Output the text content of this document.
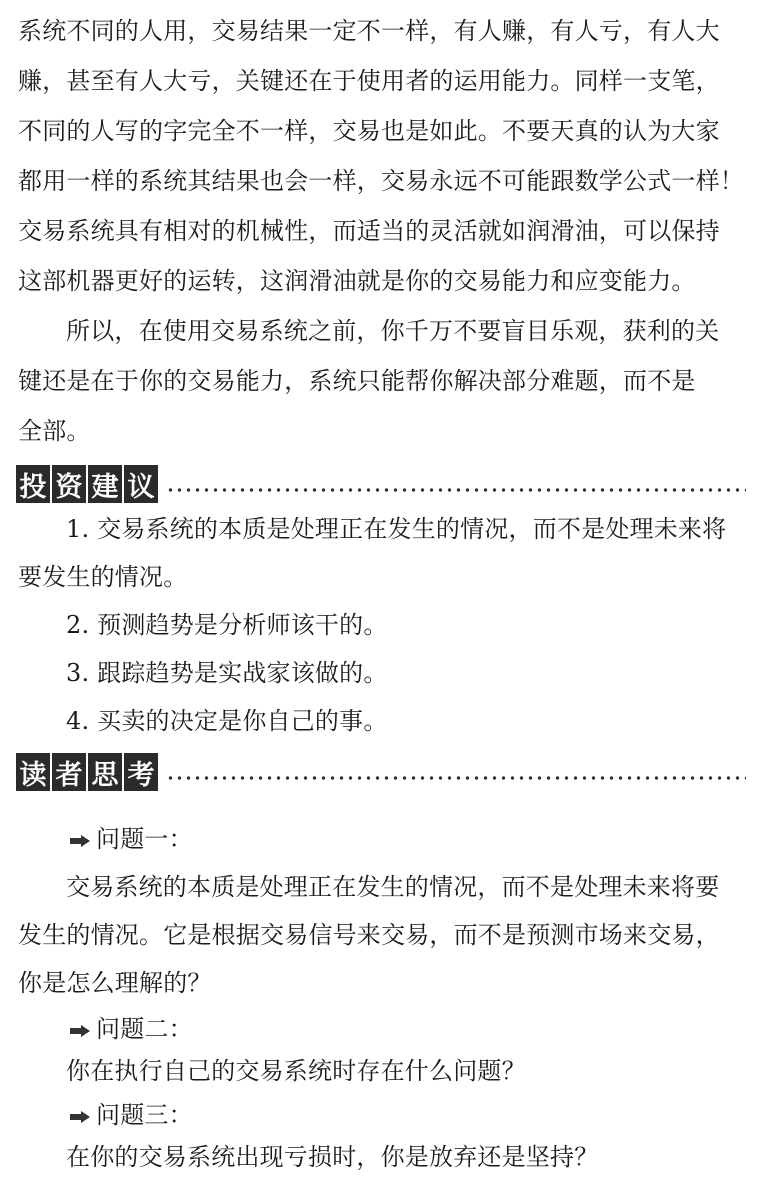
系统不同的人用，交易结果一定不一样，有人赚，有人亏，有人大
赚，甚至有人大亏，关键还在于使用者的运用能力。同样一支笔，
不同的人写的字完全不一样，交易也是如此。不要天真的认为大家
都用一样的系统其结果也会一样，交易永远不可能跟数学公式一样！
交易系统具有相对的机械性，而适当的灵活就如润滑油，可以保持
这部机器更好的运转，这润滑油就是你的交易能力和应变能力。
所以，在使用交易系统之前，你千万不要盲目乐观，获利的关
键还是在于你的交易能力，系统只能帮你解决部分难题，而不是
全部。
投 资 建 议
1. 交易系统的本质是处理正在发生的情况，而不是处理未来将
要发生的情况。
2. 预测趋势是分析师该干的。
3. 跟踪趋势是实战家该做的。
4. 买卖的决定是你自己的事。
读 者 思 考
问题一：
交易系统的本质是处理正在发生的情况，而不是处理未来将要
发生的情况。它是根据交易信号来交易，而不是预测市场来交易，
你是怎么理解的？
问题二：
你在执行自己的交易系统时存在什么问题？
问题三：
在你的交易系统出现亏损时，你是放弃还是坚持？
